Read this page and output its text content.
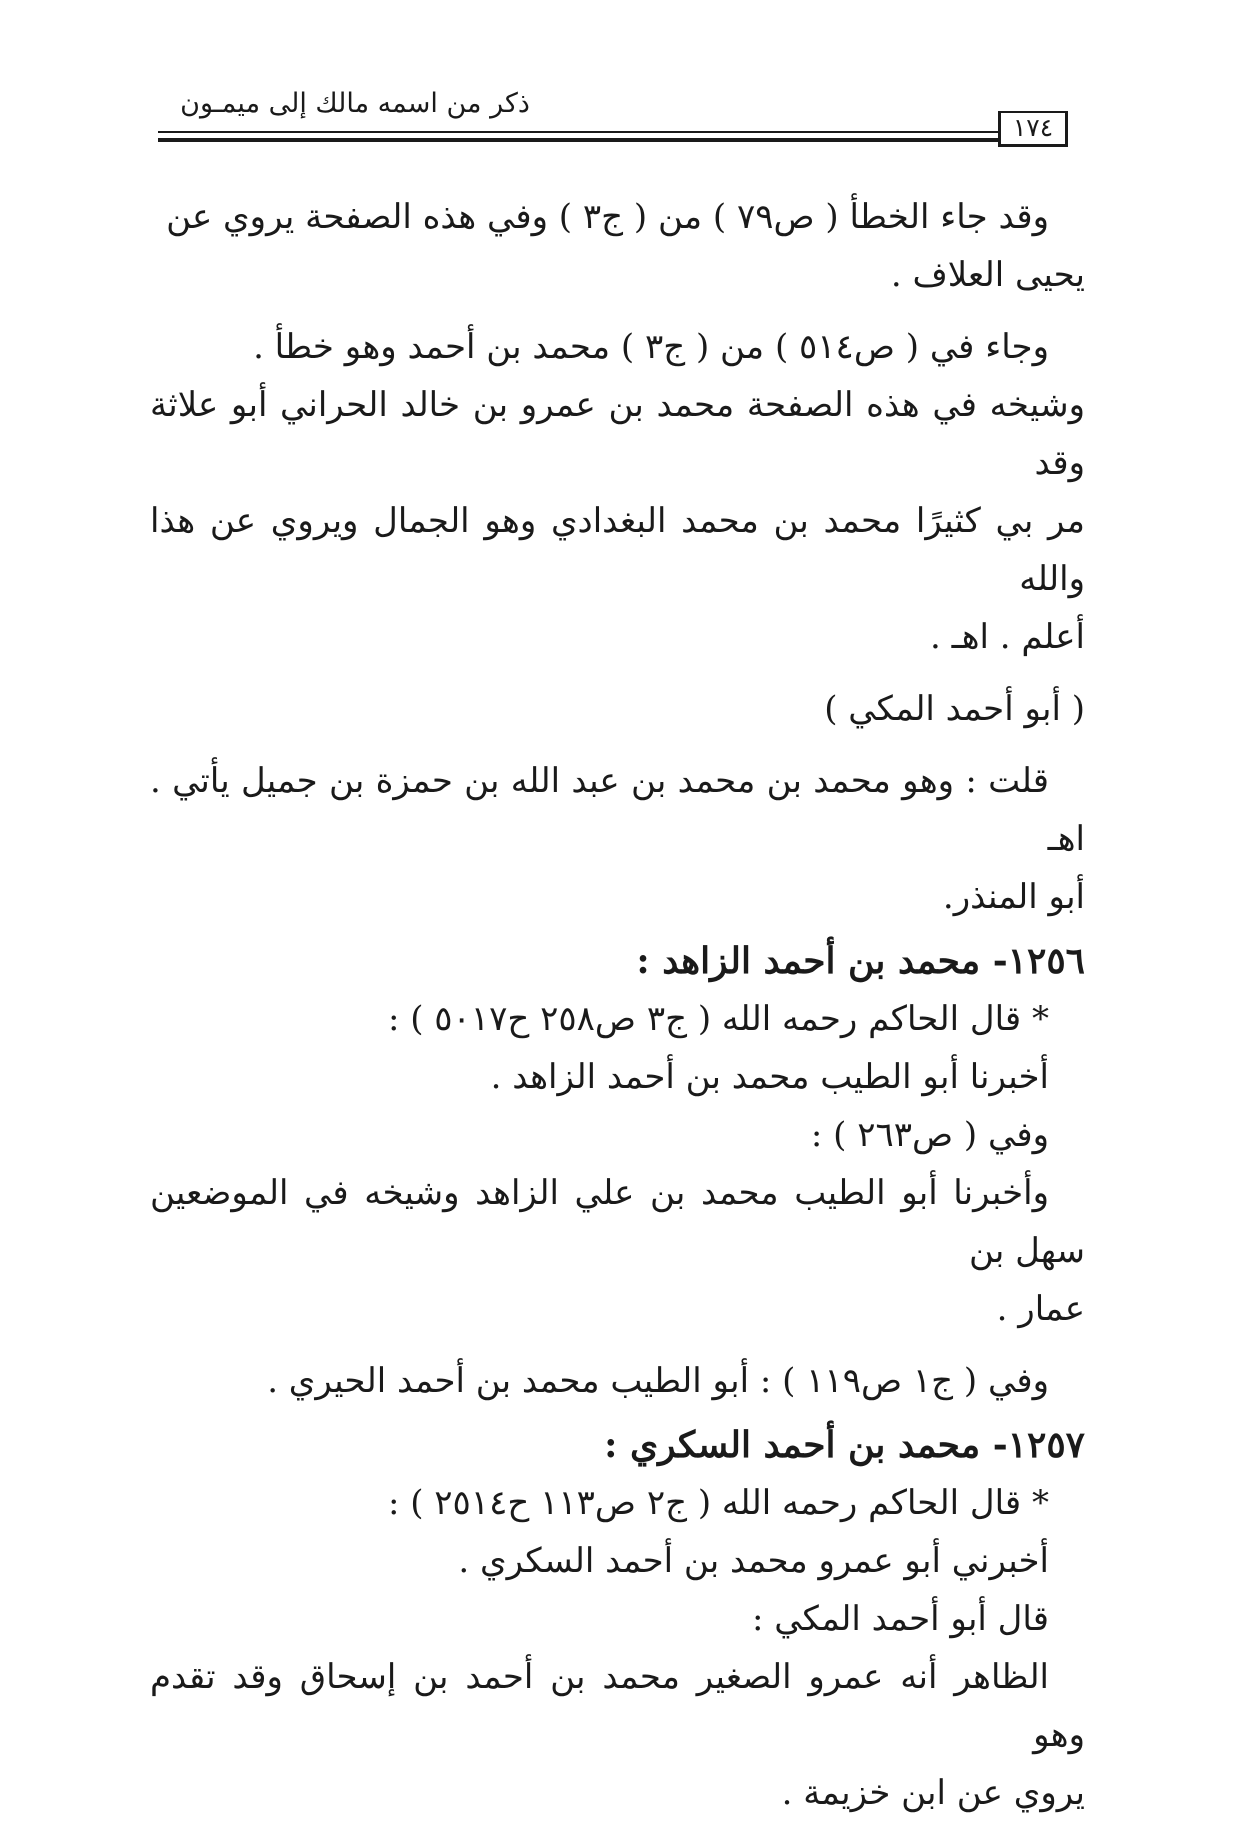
ذكر من اسمه مالك إلى ميمـون
١٧٤

وقد جاء الخطأ ( ص٧٩ ) من ( ج٣ ) وفي هذه الصفحة يروي عن

يحيى العلاف .

وجاء في ( ص٥١٤ ) من ( ج٣ ) محمد بن أحمد وهو خطأ .

وشيخه في هذه الصفحة محمد بن عمرو بن خالد الحراني أبو علاثة وقد

مر بي كثيرًا محمد بن محمد البغدادي وهو الجمال ويروي عن هذا والله

أعلم . اهـ .

( أبو أحمد المكي )

قلت : وهو محمد بن محمد بن عبد الله بن حمزة بن جميل يأتي . اهـ

أبو المنذر.

١٢٥٦- محمد بن أحمد الزاهد :

* قال الحاكم رحمه الله ( ج٣ ص٢٥٨ ح٥٠١٧ ) :

أخبرنا أبو الطيب محمد بن أحمد الزاهد .

وفي ( ص٢٦٣ ) :

وأخبرنا أبو الطيب محمد بن علي الزاهد وشيخه في الموضعين سهل بن

عمار .

وفي ( ج١ ص١١٩ ) : أبو الطيب محمد بن أحمد الحيري .

١٢٥٧- محمد بن أحمد السكري :

* قال الحاكم رحمه الله ( ج٢ ص١١٣ ح٢٥١٤ ) :

أخبرني أبو عمرو محمد بن أحمد السكري .

قال أبو أحمد المكي :

الظاهر أنه عمرو الصغير محمد بن أحمد بن إسحاق وقد تقدم وهو

يروي عن ابن خزيمة .
